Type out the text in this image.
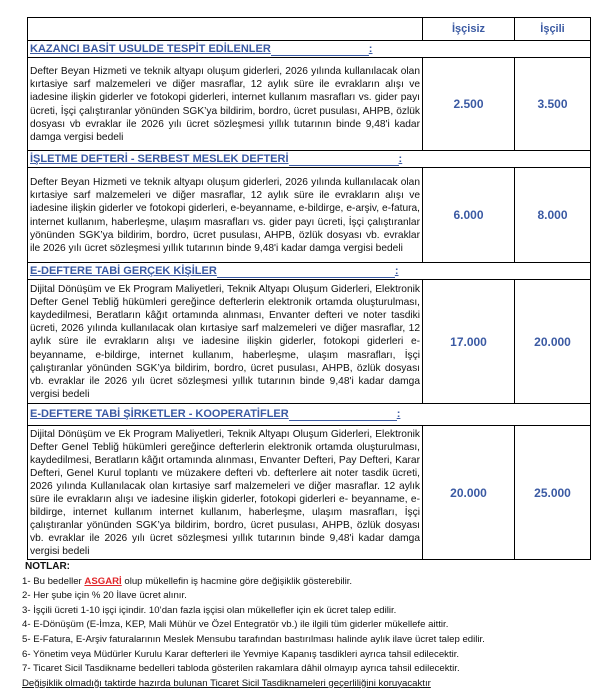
	İşçisiz	İşçili
KAZANCI BASİT USULDE TESPİT EDİLENLER :		
Defter Beyan Hizmeti ve teknik altyapı oluşum giderleri, 2026 yılında kullanılacak olan kırtasiye sarf malzemeleri ve diğer masraflar, 12 aylık süre ile evrakların alışı ve iadesine ilişkin giderler ve fotokopi giderleri, internet kullanım masrafları vs. gider payı ücreti, İşçi çalıştıranlar yönünden SGK’ya bildirim, bordro, ücret pusulası, AHPB, özlük dosyası vb evraklar ile 2026 yılı ücret sözleşmesi yıllık tutarının binde 9,48'i kadar damga vergisi bedeli	2.500	3.500
İŞLETME DEFTERİ - SERBEST MESLEK DEFTERİ :		
Defter Beyan Hizmeti ve teknik altyapı oluşum giderleri, 2026 yılında kullanılacak olan kırtasiye sarf malzemeleri ve diğer masraflar, 12 aylık süre ile evrakların alışı ve iadesine ilişkin giderler ve fotokopi giderleri, e-beyanname, e-bildirge, e-arşiv, e-fatura, internet kullanım, haberleşme, ulaşım masrafları vs. gider payı ücreti, İşçi çalıştıranlar yönünden SGK’ya bildirim, bordro, ücret pusulası, AHPB, özlük dosyası vb. evraklar ile 2026 yılı ücret sözleşmesi yıllık tutarının binde 9,48'i kadar damga vergisi bedeli	6.000	8.000
E-DEFTERE TABİ GERÇEK KİŞİLER :		
Dijital Dönüşüm ve Ek Program Maliyetleri, Teknik Altyapı Oluşum Giderleri, Elektronik Defter Genel Tebliğ hükümleri gereğince defterlerin elektronik ortamda oluşturulması, kaydedilmesi, Beratların kâğıt ortamında alınması, Envanter defteri ve noter tasdiki ücreti, 2026 yılında kullanılacak olan kırtasiye sarf malzemeleri ve diğer masraflar, 12 aylık süre ile evrakların alışı ve iadesine ilişkin giderler, fotokopi giderleri e- beyanname, e-bildirge, internet kullanım, haberleşme, ulaşım masrafları, İşçi çalıştıranlar yönünden SGK’ya bildirim, bordro, ücret pusulası, AHPB, özlük dosyası vb. evraklar ile 2026 yılı ücret sözleşmesi yıllık tutarının binde 9,48'i kadar damga vergisi bedeli	17.000	20.000
E-DEFTERE TABİ ŞİRKETLER - KOOPERATİFLER :		
Dijital Dönüşüm ve Ek Program Maliyetleri, Teknik Altyapı Oluşum Giderleri, Elektronik Defter Genel Tebliğ hükümleri gereğince defterlerin elektronik ortamda oluşturulması, kaydedilmesi, Beratların kâğıt ortamında alınması, Envanter Defteri, Pay Defteri, Karar Defteri, Genel Kurul toplantı ve müzakere defteri vb. defterlere ait noter tasdik ücreti, 2026 yılında Kullanılacak olan kırtasiye sarf malzemeleri ve diğer masraflar. 12 aylık süre ile evrakların alışı ve iadesine ilişkin giderler, fotokopi giderleri e- beyanname, e-bildirge, internet kullanım internet kullanım, haberleşme, ulaşım masrafları, İşçi çalıştıranlar yönünden SGK’ya bildirim, bordro, ücret pusulası, AHPB, özlük dosyası vb. evraklar ile 2026 yılı ücret sözleşmesi yıllık tutarının binde 9,48'i kadar damga vergisi bedeli	20.000	25.000
NOTLAR:
1- Bu bedeller ASGARİ olup mükellefin iş hacmine göre değişiklik gösterebilir.
2- Her şube için % 20 İlave ücret alınır.
3- İşçili ücreti 1-10 işçi içindir. 10’dan fazla işçisi olan mükellefler için ek ücret talep edilir.
4- E-Dönüşüm (E-İmza, KEP, Mali Mühür ve Özel Entegratör vb.) ile ilgili tüm giderler mükellefe aittir.
5- E-Fatura, E-Arşiv faturalarının Meslek Mensubu tarafından bastırılması halinde aylık ilave ücret talep edilir.
6- Yönetim veya Müdürler Kurulu Karar defterleri ile Yevmiye Kapanış tasdikleri ayrıca tahsil edilecektir.
7- Ticaret Sicil Tasdikname bedelleri tabloda gösterilen rakamlara dâhil olmayıp ayrıca tahsil edilecektir.
Değişiklik olmadığı taktirde hazırda bulunan Ticaret Sicil Tasdiknameleri geçerliliğini koruyacaktır
